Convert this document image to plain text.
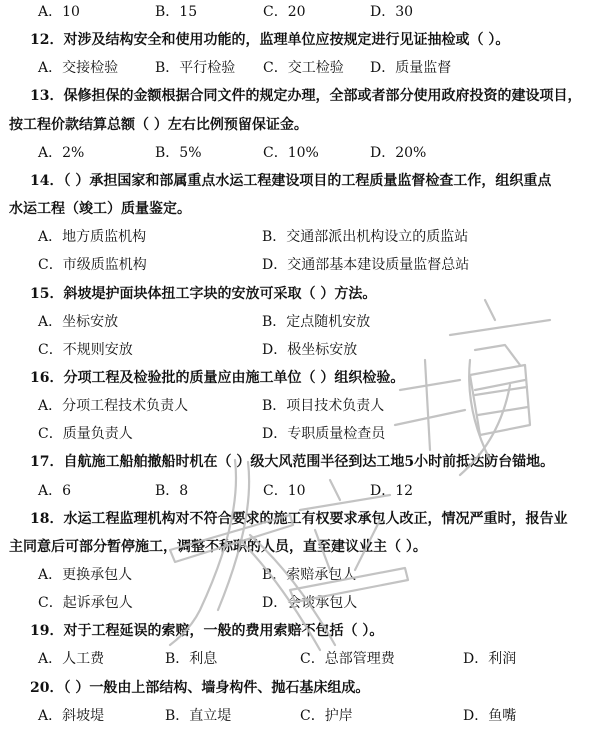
A．10	B．15	C．20	D．30
12．对涉及结构安全和使用功能的，监理单位应按规定进行见证抽检或（ ）。
A．交接检验	B．平行检验 C．交工检验 D．质量监督
13．保修担保的金额根据合同文件的规定办理，全部或者部分使用政府投资的建设项目，
按工程价款结算总额（ ）左右比例预留保证金。
A．2%	B．5%	C．10%	D．20%
14．（ ）承担国家和部属重点水运工程建设项目的工程质量监督检查工作，组织重点
水运工程（竣工）质量鉴定。
A．地方质监机构	B．交通部派出机构设立的质监站
C．市级质监机构	D．交通部基本建设质量监督总站
15．斜坡堤护面块体扭工字块的安放可采取（ ）方法。
A．坐标安放	B．定点随机安放
C．不规则安放	D．极坐标安放
16．分项工程及检验批的质量应由施工单位（ ）组织检验。
A．分项工程技术负责人	B．项目技术负责人
C．质量负责人	D．专职质量检查员
17．自航施工船舶撤船时机在（ ）级大风范围半径到达工地5小时前抵达防台锚地。
A．6	B．8	C．10	D．12
18．水运工程监理机构对不符合要求的施工有权要求承包人改正，情况严重时，报告业
主同意后可部分暂停施工，调整不称职的人员，直至建议业主（ ）。
A．更换承包人	B．索赔承包人
C．起诉承包人	D．会谈承包人
19．对于工程延误的索赔，一般的费用索赔不包括（ ）。
A．人工费	B．利息	C．总部管理费	D．利润
20．（ ）一般由上部结构、墙身构件、抛石基床组成。
A．斜坡堤	B．直立堤	C．护岸	D．鱼嘴
